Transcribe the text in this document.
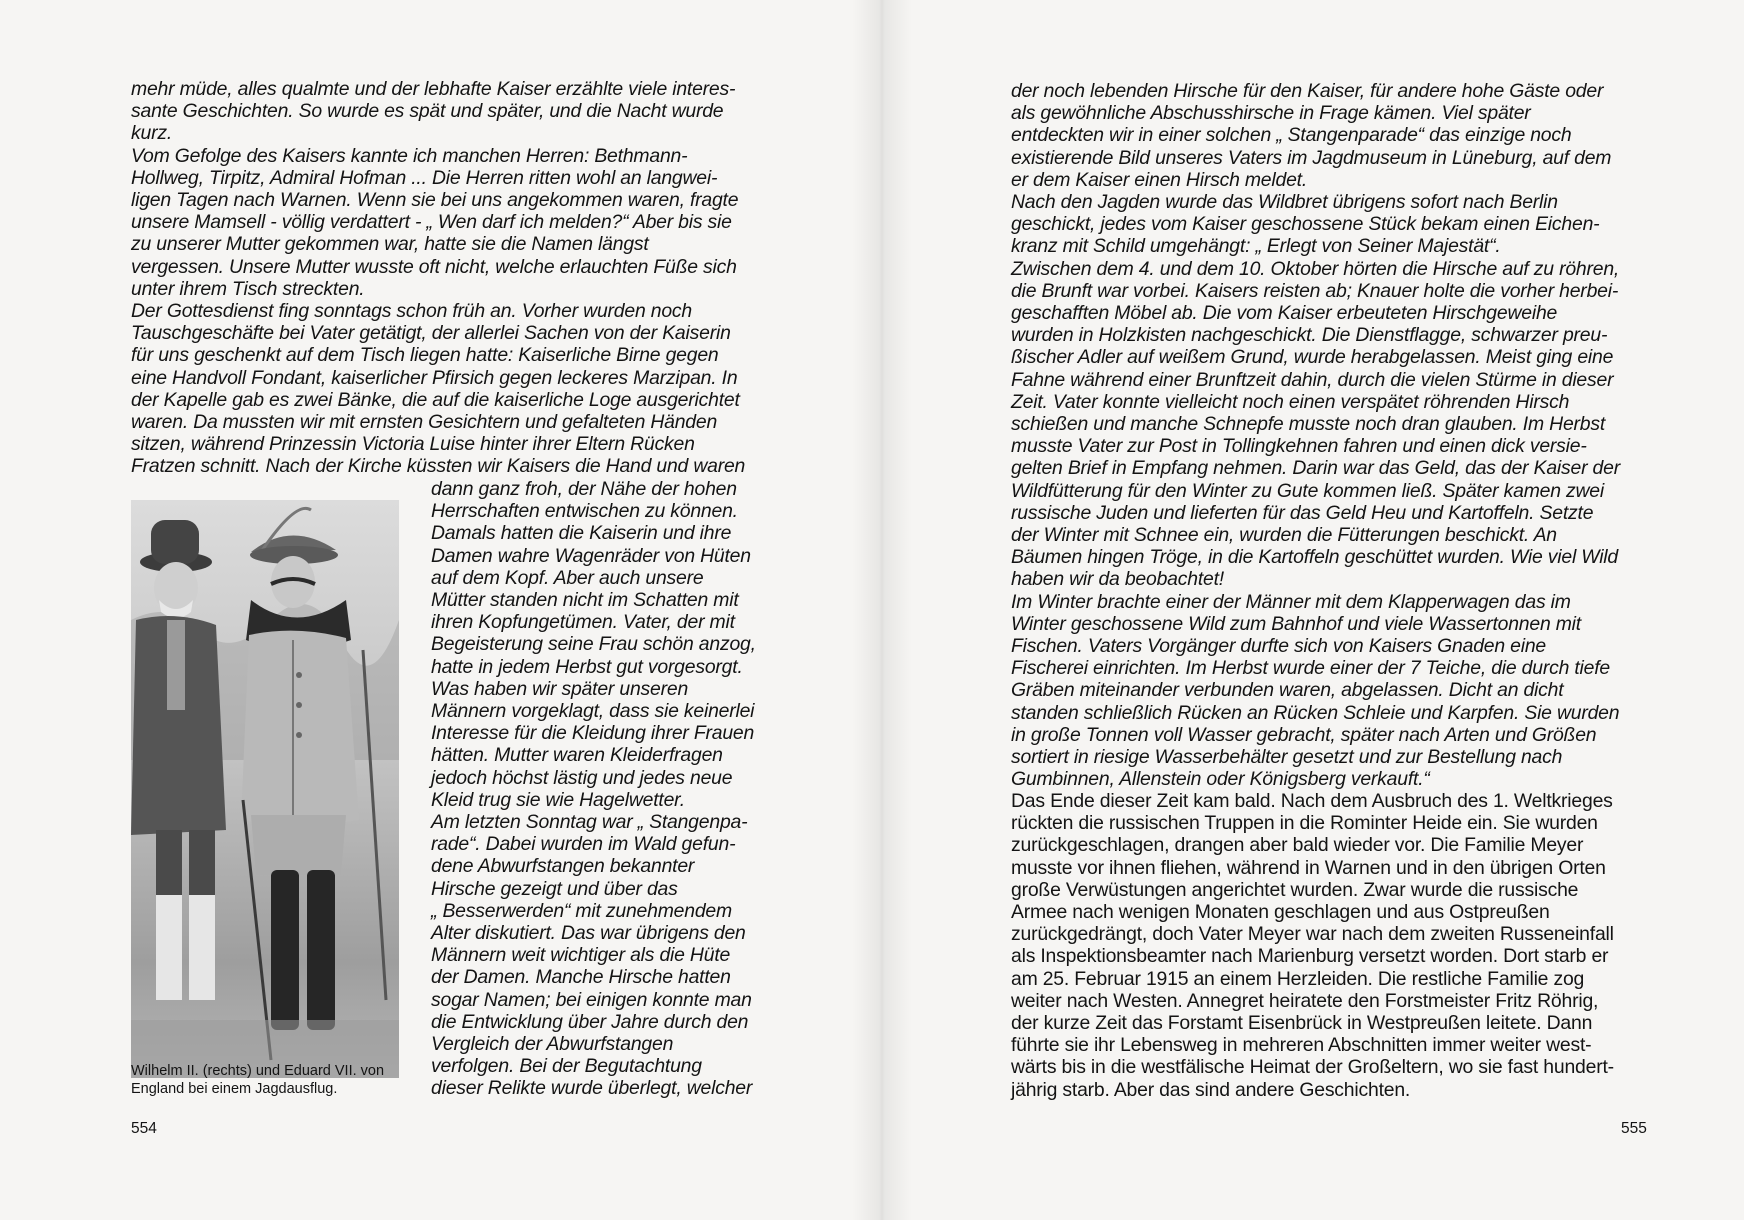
mehr müde, alles qualmte und der lebhafte Kaiser erzählte viele interes-
sante Geschichten. So wurde es spät und später, und die Nacht wurde
kurz.
Vom Gefolge des Kaisers kannte ich manchen Herren: Bethmann-
Hollweg, Tirpitz, Admiral Hofman ... Die Herren ritten wohl an langwei-
ligen Tagen nach Warnen. Wenn sie bei uns angekommen waren, fragte
unsere Mamsell - völlig verdattert - „ Wen darf ich melden?“ Aber bis sie
zu unserer Mutter gekommen war, hatte sie die Namen längst
vergessen. Unsere Mutter wusste oft nicht, welche erlauchten Füße sich
unter ihrem Tisch streckten.
Der Gottesdienst fing sonntags schon früh an. Vorher wurden noch
Tauschgeschäfte bei Vater getätigt, der allerlei Sachen von der Kaiserin
für uns geschenkt auf dem Tisch liegen hatte: Kaiserliche Birne gegen
eine Handvoll Fondant, kaiserlicher Pfirsich gegen leckeres Marzipan. In
der Kapelle gab es zwei Bänke, die auf die kaiserliche Loge ausgerichtet
waren. Da mussten wir mit ernsten Gesichtern und gefalteten Händen
sitzen, während Prinzessin Victoria Luise hinter ihrer Eltern Rücken
Fratzen schnitt. Nach der Kirche küssten wir Kaisers die Hand und waren

Wilhelm II. (rechts) und Eduard VII. von
England bei einem Jagdausflug.

dann ganz froh, der Nähe der hohen
Herrschaften entwischen zu können.
Damals hatten die Kaiserin und ihre
Damen wahre Wagenräder von Hüten
auf dem Kopf. Aber auch unsere
Mütter standen nicht im Schatten mit
ihren Kopfungetümen. Vater, der mit
Begeisterung seine Frau schön anzog,
hatte in jedem Herbst gut vorgesorgt.
Was haben wir später unseren
Männern vorgeklagt, dass sie keinerlei
Interesse für die Kleidung ihrer Frauen
hätten. Mutter waren Kleiderfragen
jedoch höchst lästig und jedes neue
Kleid trug sie wie Hagelwetter.
Am letzten Sonntag war „ Stangenpa-
rade“. Dabei wurden im Wald gefun-
dene Abwurfstangen bekannter
Hirsche gezeigt und über das
„ Besserwerden“ mit zunehmendem
Alter diskutiert. Das war übrigens den
Männern weit wichtiger als die Hüte
der Damen. Manche Hirsche hatten
sogar Namen; bei einigen konnte man
die Entwicklung über Jahre durch den
Vergleich der Abwurfstangen
verfolgen. Bei der Begutachtung
dieser Relikte wurde überlegt, welcher

554

der noch lebenden Hirsche für den Kaiser, für andere hohe Gäste oder
als gewöhnliche Abschusshirsche in Frage kämen. Viel später
entdeckten wir in einer solchen „ Stangenparade“ das einzige noch
existierende Bild unseres Vaters im Jagdmuseum in Lüneburg, auf dem
er dem Kaiser einen Hirsch meldet.
Nach den Jagden wurde das Wildbret übrigens sofort nach Berlin
geschickt, jedes vom Kaiser geschossene Stück bekam einen Eichen-
kranz mit Schild umgehängt: „ Erlegt von Seiner Majestät“.
Zwischen dem 4. und dem 10. Oktober hörten die Hirsche auf zu röhren,
die Brunft war vorbei. Kaisers reisten ab; Knauer holte die vorher herbei-
geschafften Möbel ab. Die vom Kaiser erbeuteten Hirschgeweihe
wurden in Holzkisten nachgeschickt. Die Dienstflagge, schwarzer preu-
ßischer Adler auf weißem Grund, wurde herabgelassen. Meist ging eine
Fahne während einer Brunftzeit dahin, durch die vielen Stürme in dieser
Zeit. Vater konnte vielleicht noch einen verspätet röhrenden Hirsch
schießen und manche Schnepfe musste noch dran glauben. Im Herbst
musste Vater zur Post in Tollingkehnen fahren und einen dick versie-
gelten Brief in Empfang nehmen. Darin war das Geld, das der Kaiser der
Wildfütterung für den Winter zu Gute kommen ließ. Später kamen zwei
russische Juden und lieferten für das Geld Heu und Kartoffeln. Setzte
der Winter mit Schnee ein, wurden die Fütterungen beschickt. An
Bäumen hingen Tröge, in die Kartoffeln geschüttet wurden. Wie viel Wild
haben wir da beobachtet!
Im Winter brachte einer der Männer mit dem Klapperwagen das im
Winter geschossene Wild zum Bahnhof und viele Wassertonnen mit
Fischen. Vaters Vorgänger durfte sich von Kaisers Gnaden eine
Fischerei einrichten. Im Herbst wurde einer der 7 Teiche, die durch tiefe
Gräben miteinander verbunden waren, abgelassen. Dicht an dicht
standen schließlich Rücken an Rücken Schleie und Karpfen. Sie wurden
in große Tonnen voll Wasser gebracht, später nach Arten und Größen
sortiert in riesige Wasserbehälter gesetzt und zur Bestellung nach
Gumbinnen, Allenstein oder Königsberg verkauft.“

Das Ende dieser Zeit kam bald. Nach dem Ausbruch des 1. Weltkrieges
rückten die russischen Truppen in die Rominter Heide ein. Sie wurden
zurückgeschlagen, drangen aber bald wieder vor. Die Familie Meyer
musste vor ihnen fliehen, während in Warnen und in den übrigen Orten
große Verwüstungen angerichtet wurden. Zwar wurde die russische
Armee nach wenigen Monaten geschlagen und aus Ostpreußen
zurückgedrängt, doch Vater Meyer war nach dem zweiten Russeneinfall
als Inspektionsbeamter nach Marienburg versetzt worden. Dort starb er
am 25. Februar 1915 an einem Herzleiden. Die restliche Familie zog
weiter nach Westen. Annegret heiratete den Forstmeister Fritz Röhrig,
der kurze Zeit das Forstamt Eisenbrück in Westpreußen leitete. Dann
führte sie ihr Lebensweg in mehreren Abschnitten immer weiter west-
wärts bis in die westfälische Heimat der Großeltern, wo sie fast hundert-
jährig starb. Aber das sind andere Geschichten.

555
